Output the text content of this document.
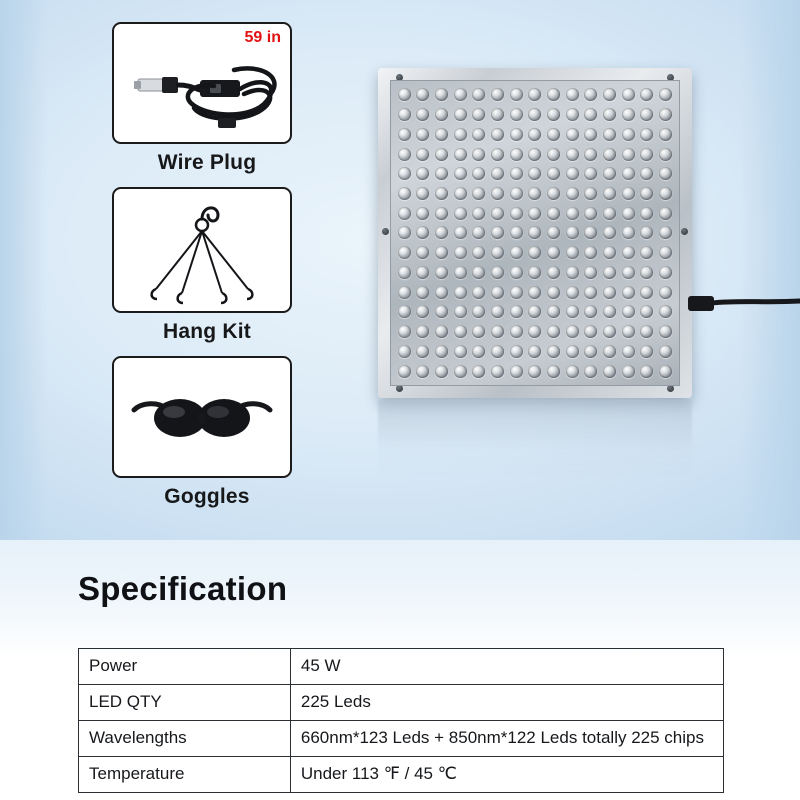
59 in
Wire Plug
Hang Kit
Goggles
Specification
Power	45 W
LED QTY	225 Leds
Wavelengths	660nm*123 Leds + 850nm*122 Leds totally 225 chips
Temperature	Under 113 ℉ / 45 ℃
